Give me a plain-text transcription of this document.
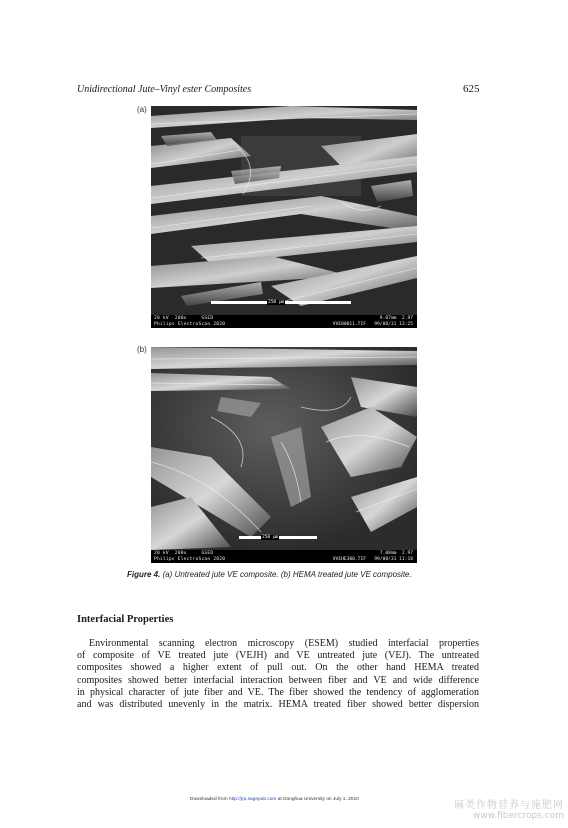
Unidirectional Jute–Vinyl ester Composites	625
(a)
20 kV  200x     GSED
Philips ElectroScan 2020
9.07mm  2.97
VVE00011.TIF   99/08/31 13:25
250 µm
(b)
20 kV  200x     GSED
Philips ElectroScan 2020
7.08mm  2.97
VVEHE300.TIF   99/08/31 11:18
250 µm
Figure 4. (a) Untreated jute VE composite. (b) HEMA treated jute VE composite.
Interfacial Properties
Environmental scanning electron microscopy (ESEM) studied interfacial properties
of composite of VE treated jute (VEJH) and VE untreated jute (VEJ). The untreated
composites showed a higher extent of pull out. On the other hand HEMA treated
composites showed better interfacial interaction between fiber and VE and wide difference
in physical character of jute fiber and VE. The fiber showed the tendency of agglomeration
and was distributed unevenly in the matrix. HEMA treated fiber showed better dispersion
Downloaded from http://jrp.sagepub.com at Donghua University on July 1, 2010
麻类作物营养与施肥网
www.fibercrops.com
